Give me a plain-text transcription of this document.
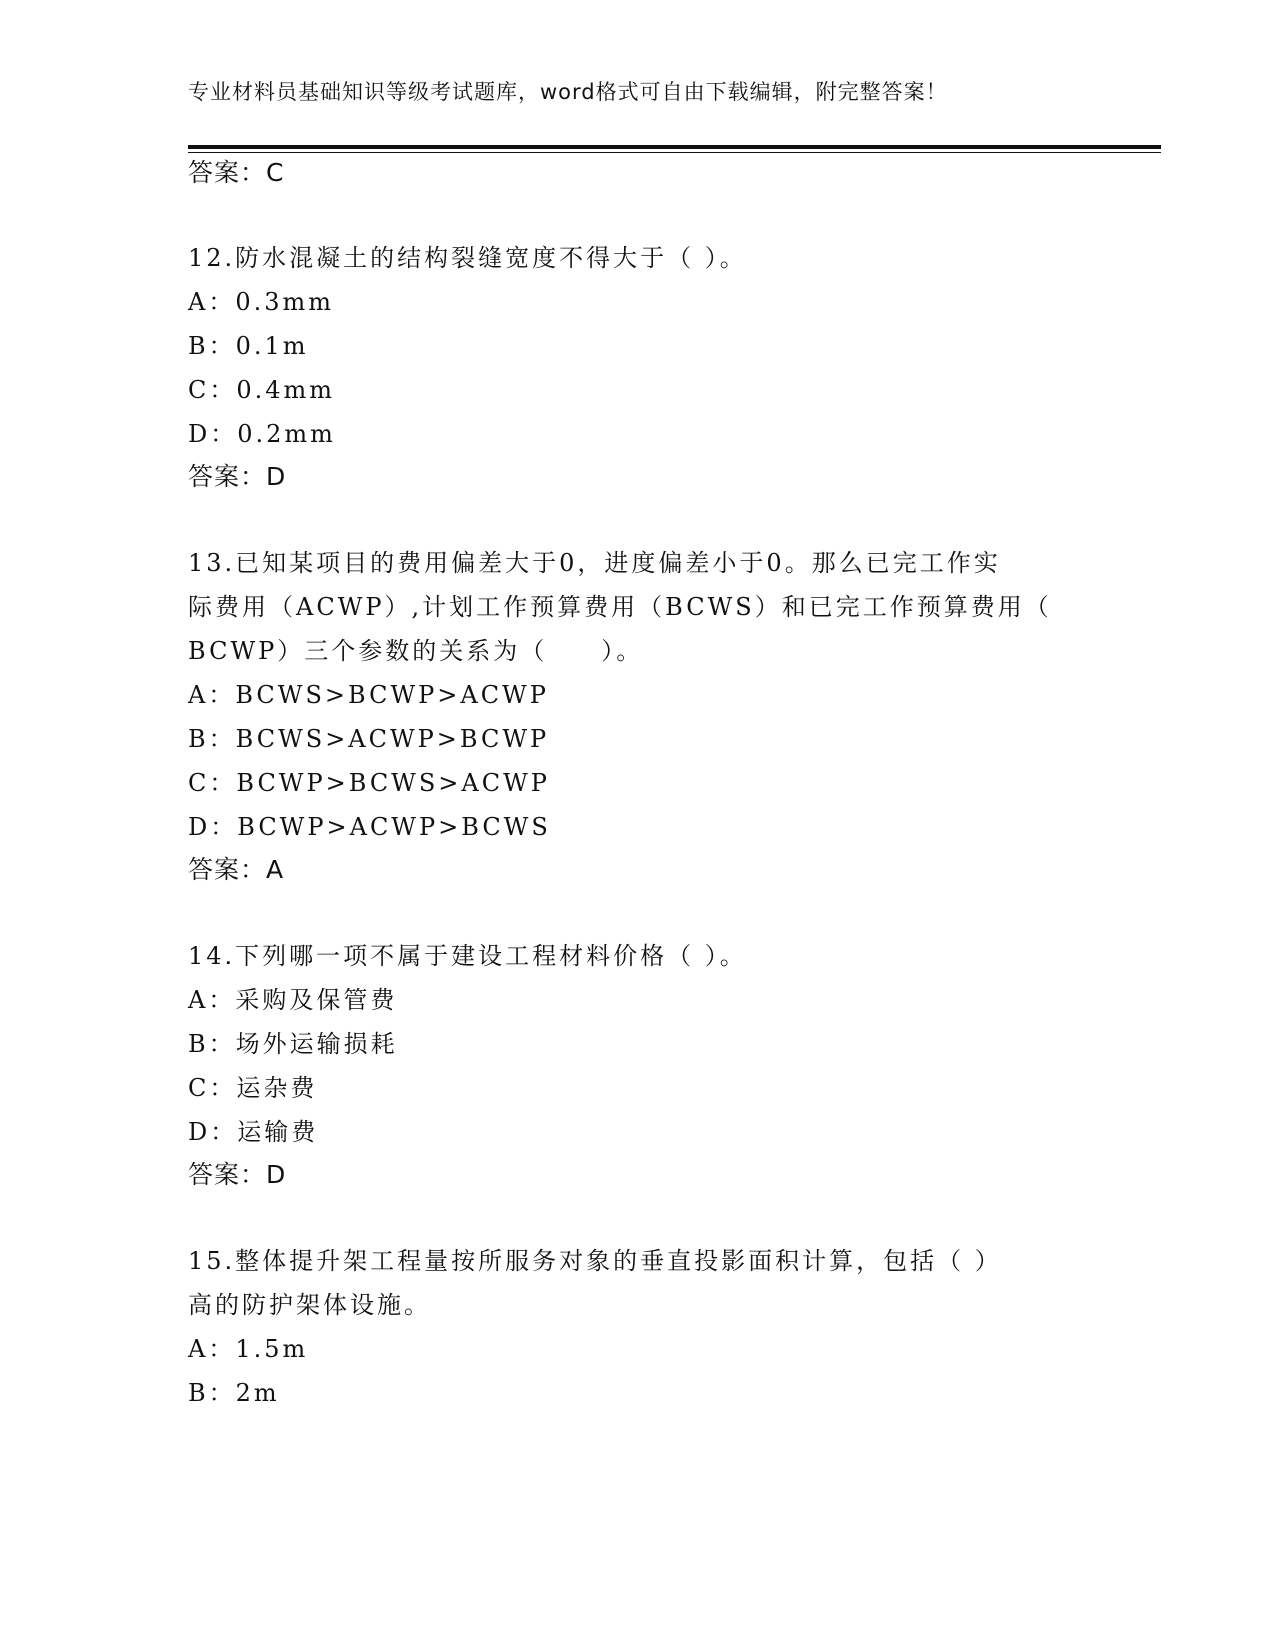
专业材料员基础知识等级考试题库，word格式可自由下载编辑，附完整答案！
答案：C
12.防水混凝土的结构裂缝宽度不得大于（ ）。
A：0.3mm
B：0.1m
C：0.4mm
D：0.2mm
答案：D
13.已知某项目的费用偏差大于0，进度偏差小于0。那么已完工作实
际费用（ACWP）,计划工作预算费用（BCWS）和已完工作预算费用（
BCWP）三个参数的关系为（　　）。
A：BCWS>BCWP>ACWP
B：BCWS>ACWP>BCWP
C：BCWP>BCWS>ACWP
D：BCWP>ACWP>BCWS
答案：A
14.下列哪一项不属于建设工程材料价格（ ）。
A：采购及保管费
B：场外运输损耗
C：运杂费
D：运输费
答案：D
15.整体提升架工程量按所服务对象的垂直投影面积计算，包括（ ）
高的防护架体设施。
A：1.5m
B：2m
